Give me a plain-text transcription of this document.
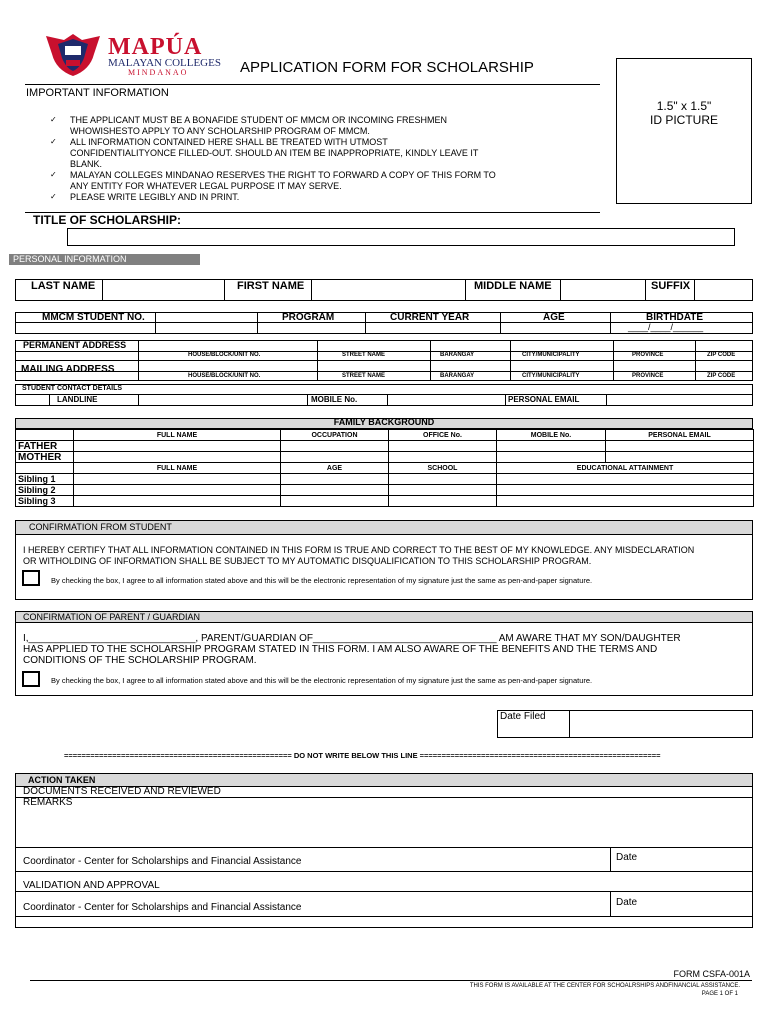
MAPÚA
MALAYAN COLLEGES
MINDANAO	APPLICATION FORM FOR SCHOLARSHIP
1.5" x 1.5"
ID PICTURE
IMPORTANT INFORMATION
✓ THE APPLICANT MUST BE A BONAFIDE STUDENT OF MMCM OR INCOMING FRESHMEN
WHOWISHESTO APPLY TO ANY SCHOLARSHIP PROGRAM OF MMCM.
✓ ALL INFORMATION CONTAINED HERE SHALL BE TREATED WITH UTMOST
CONFIDENTIALITYONCE FILLED-OUT. SHOULD AN ITEM BE INAPPROPRIATE, KINDLY LEAVE IT
BLANK.
✓ MALAYAN COLLEGES MINDANAO RESERVES THE RIGHT TO FORWARD A COPY OF THIS FORM TO
ANY ENTITY FOR WHATEVER LEGAL PURPOSE IT MAY SERVE.
✓ PLEASE WRITE LEGIBLY AND IN PRINT.
TITLE OF SCHOLARSHIP:
PERSONAL INFORMATION
LAST NAME	FIRST NAME	MIDDLE NAME	SUFFIX
MMCM STUDENT NO.	PROGRAM	CURRENT YEAR	AGE	BIRTHDATE
____/____/______
PERMANENT ADDRESS
HOUSE/BLOCK/UNIT NO.	STREET NAME	BARANGAY	CITY/MUNICIPALITY	PROVINCE	ZIP CODE
MAILING ADDRESS
HOUSE/BLOCK/UNIT NO.	STREET NAME	BARANGAY	CITY/MUNICIPALITY	PROVINCE	ZIP CODE
STUDENT CONTACT DETAILS
LANDLINE	MOBILE No.	PERSONAL EMAIL
FAMILY BACKGROUND
	FULL NAME	OCCUPATION	OFFICE No.	MOBILE No.	PERSONAL EMAIL
FATHER					
MOTHER					
	FULL NAME	AGE	SCHOOL	EDUCATIONAL ATTAINMENT
Sibling 1				
Sibling 2				
Sibling 3				
CONFIRMATION FROM STUDENT
I HEREBY CERTIFY THAT ALL INFORMATION CONTAINED IN THIS FORM IS TRUE AND CORRECT TO THE BEST OF MY KNOWLEDGE. ANY MISDECLARATION
OR WITHOLDING OF INFORMATION SHALL BE SUBJECT TO MY AUTOMATIC DISQUALIFICATION TO THIS SCHOLARSHIP PROGRAM.
By checking the box, I agree to all information stated above and this will be the electronic representation of my signature just the same as pen-and-paper signature.
CONFIRMATION OF PARENT / GUARDIAN
I,______________________________, PARENT/GUARDIAN OF_________________________________ AM AWARE THAT MY SON/DAUGHTER
HAS APPLIED TO THE SCHOLARSHIP PROGRAM STATED IN THIS FORM. I AM ALSO AWARE OF THE BENEFITS AND THE TERMS AND
CONDITIONS OF THE SCHOLARSHIP PROGRAM.
By checking the box, I agree to all information stated above and this will be the electronic representation of my signature just the same as pen-and-paper signature.
Date Filed
==================================================== DO NOT WRITE BELOW THIS LINE =======================================================
ACTION TAKEN
DOCUMENTS RECEIVED AND REVIEWED
REMARKS
Coordinator - Center for Scholarships and Financial Assistance	Date
VALIDATION AND APPROVAL
Coordinator - Center for Scholarships and Financial Assistance	Date
FORM CSFA-001A
THIS FORM IS AVAILABLE AT THE CENTER FOR SCHOALRSHIPS ANDFINANCIAL ASSISTANCE.
PAGE 1 OF 1
